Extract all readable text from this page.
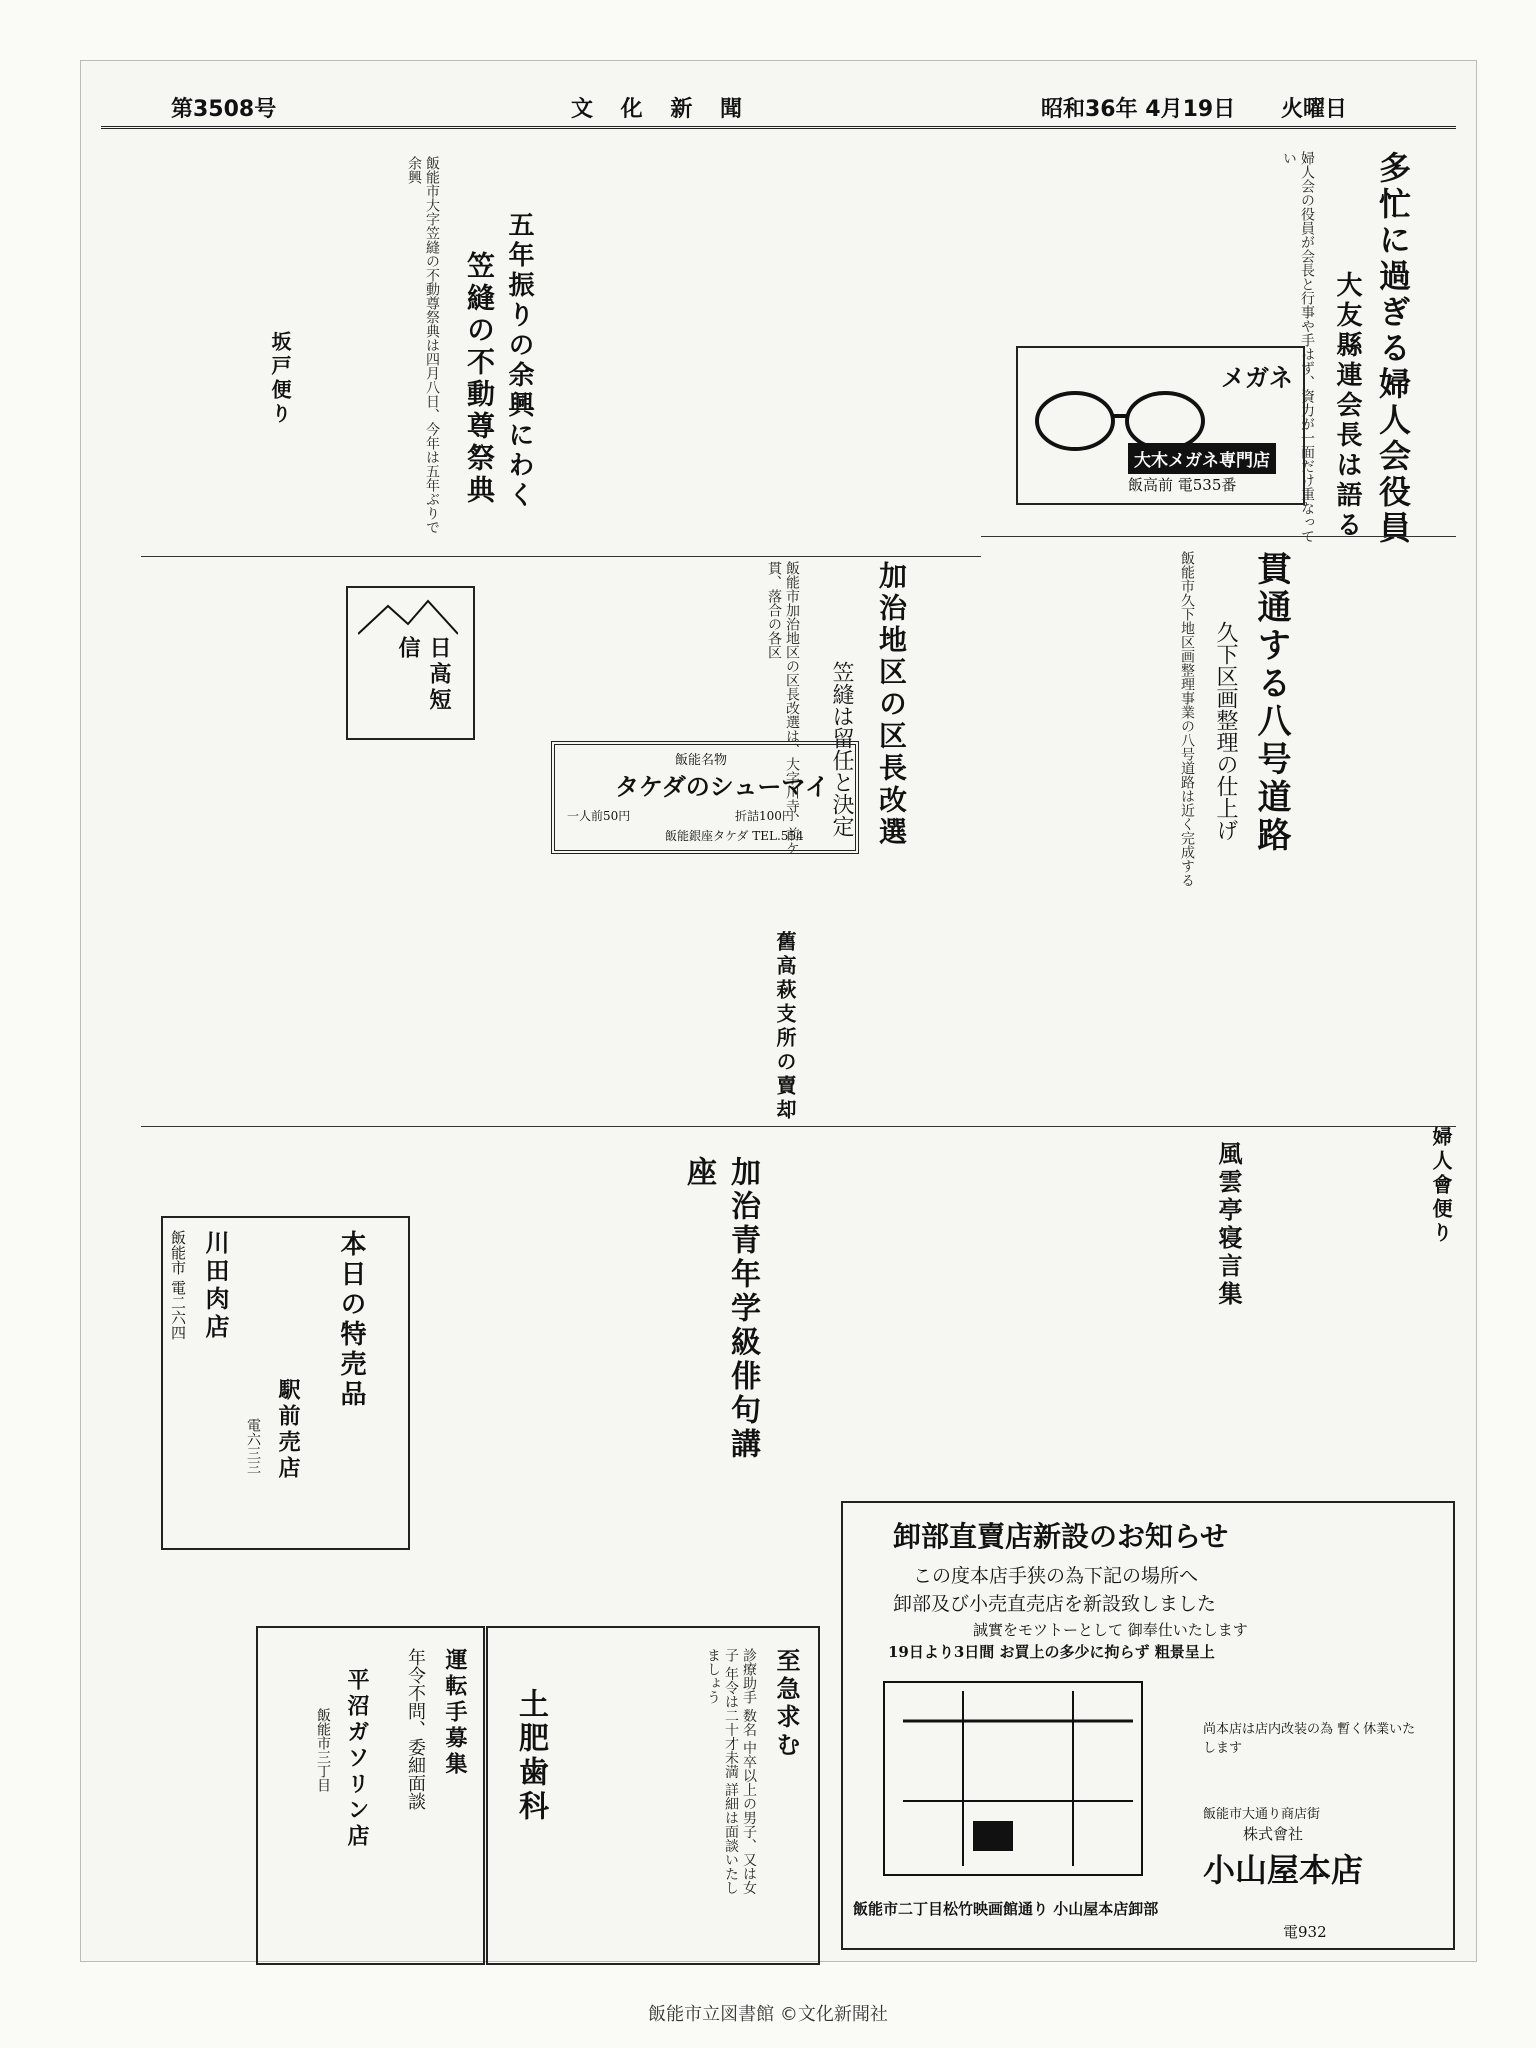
第3508号	文 化 新 聞	昭和36年 4月19日 火曜日
多忙に過ぎる婦人会役員
大友縣連会長は語る
婦人会の役員が会長と行事や手はず、資力が一面だけ重なってい
メガネ
大木メガネ専門店
飯高前 電535番
貫通する八号道路
久下区画整理の仕上げ
飯能市久下地区画整理事業の八号道路は近く完成する
加治地区の区長改選
笠縫は留任と決定
飯能市加治地区の区長改選は、大字川寺、前ケ貫、落合の各区
五年振りの余興にわく
笠縫の不動尊祭典
飯能市大字笠縫の不動尊祭典は四月八日、今年は五年ぶりで余興
坂戸便り
日高短信
飯能名物
タケダのシューマイ
一人前50円	折詰100円
飯能銀座タケダ TEL.554
舊高萩支所の賣却
婦人會便り
風雲亭寝言集
加治青年学級俳句講座
本日の特売品
川田肉店
飯能市 電二六四
駅前売店
電六三三
卸部直賣店新設のお知らせ
この度本店手狭の為下記の場所へ
卸部及び小売直売店を新設致しました
誠實をモツトーとして 御奉仕いたします
19日より3日間 お買上の多少に拘らず 粗景呈上
尚本店は店内改装の為 暫く休業いたします
飯能市大通り商店街
株式會社
小山屋本店
飯能市二丁目松竹映画館通り 小山屋本店卸部
電932
至急求む
診療助手 数名 中卒以上の男子、又は女子 年令は二十才未満 詳細は面談いたしましょう
土肥歯科
運転手募集
年令不問、委細面談
平沼ガソリン店
飯能市三丁目
飯能市立図書館 ©文化新聞社
